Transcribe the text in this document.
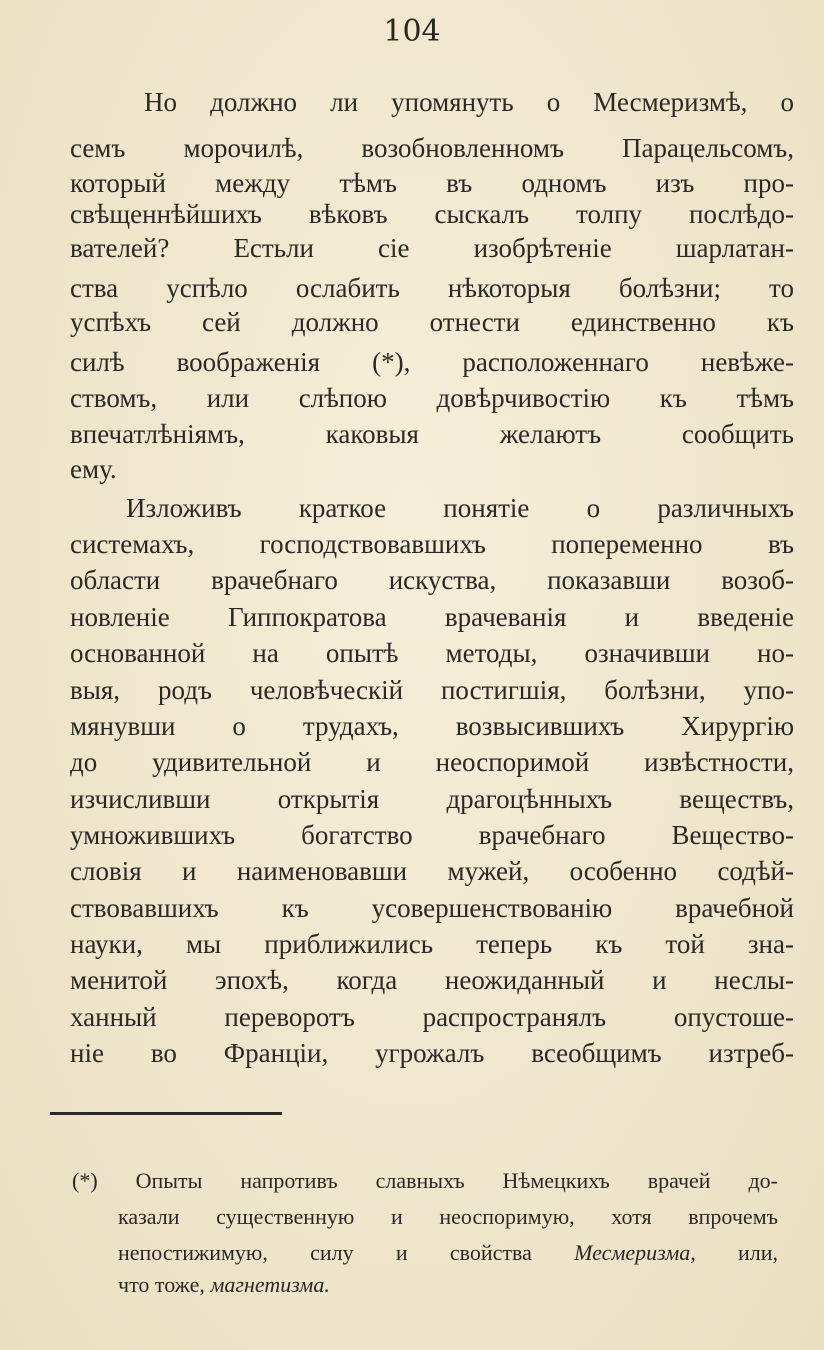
104
Но должно ли упомянуть о Месмеризмѣ, о
семъ морочилѣ, возобновленномъ Парацельсомъ,
который между тѣмъ въ одномъ изъ про-
свѣщеннѣйшихъ вѣковъ сыскалъ толпу послѣдо-
вателей? Естьли сіе изобрѣтеніе шарлатан-
ства успѣло ослабить нѣкоторыя болѣзни; то
успѣхъ сей должно отнести единственно къ
силѣ воображенія (*), расположеннаго невѣже-
ствомъ, или слѣпою довѣрчивостію къ тѣмъ
впечатлѣніямъ, каковыя желаютъ сообщить
ему.
Изложивъ краткое понятіе о различныхъ
системахъ, господствовавшихъ попеременно въ
области врачебнаго искуства, показавши возоб-
новленіе Гиппократова врачеванія и введеніе
основанной на опытѣ методы, означивши но-
выя, родъ человѣческій постигшія, болѣзни, упо-
мянувши о трудахъ, возвысившихъ Хирургію
до удивительной и неоспоримой извѣстности,
изчисливши открытія драгоцѣнныхъ веществъ,
умножившихъ богатство врачебнаго Веществo-
словія и наименовавши мужей, особенно содѣй-
ствовавшихъ къ усовершенствованію врачебной
науки, мы приближились теперь къ той зна-
менитой эпохѣ, когда неожиданный и неслы-
ханный переворотъ распространялъ опустоше-
ніе во Франціи, угрожалъ всеобщимъ изтреб-
(*) Опыты напротивъ славныхъ Нѣмецкихъ врачей до-
казали существенную и неоспоримую, хотя впрочемъ
непостижимую, силу и свойства Месмеризма, или,
что тоже, магнетизма.
